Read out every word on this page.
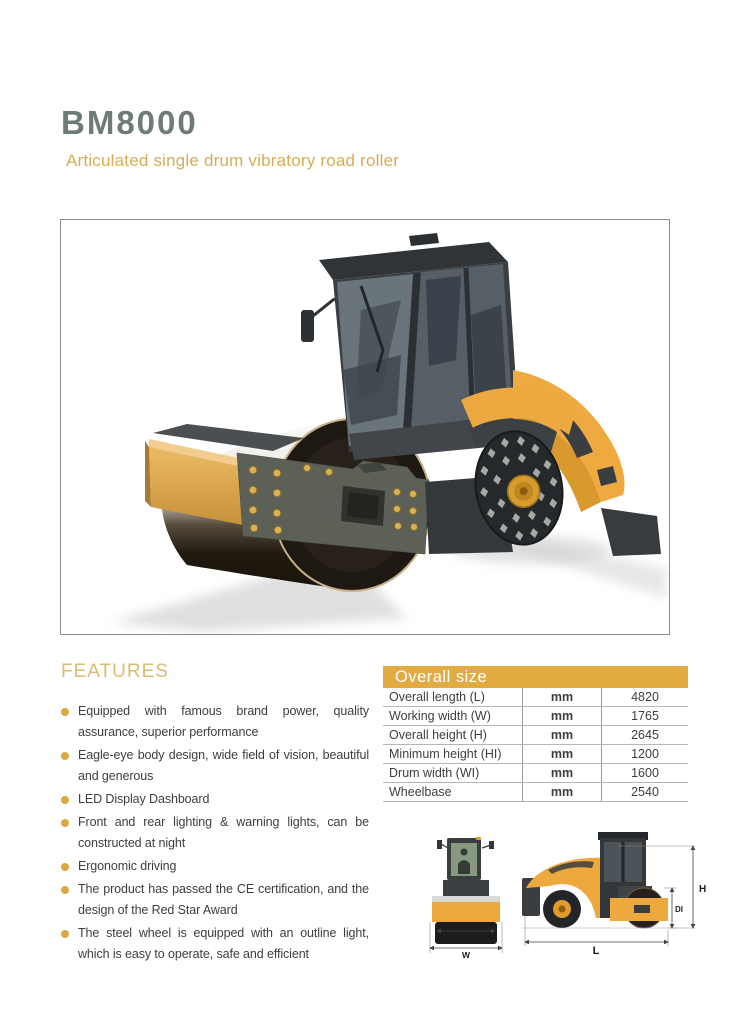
BM8000
Articulated single drum vibratory road roller
FEATURES
Equipped with famous brand power, quality assurance, superior performance
Eagle-eye body design, wide field of vision, beautiful and generous
LED Display Dashboard
Front and rear lighting & warning lights, can be constructed at night
Ergonomic driving
The product has passed the CE certification, and the design of the Red Star Award
The steel wheel is equipped with an outline light, which is easy to operate, safe and efficient
Overall size
Overall length (L)	mm	4820
Working width (W)	mm	1765
Overall height (H)	mm	2645
Minimum height (HI)	mm	1200
Drum width (WI)	mm	1600
Wheelbase	mm	2540
WI
W
H
DI
L
